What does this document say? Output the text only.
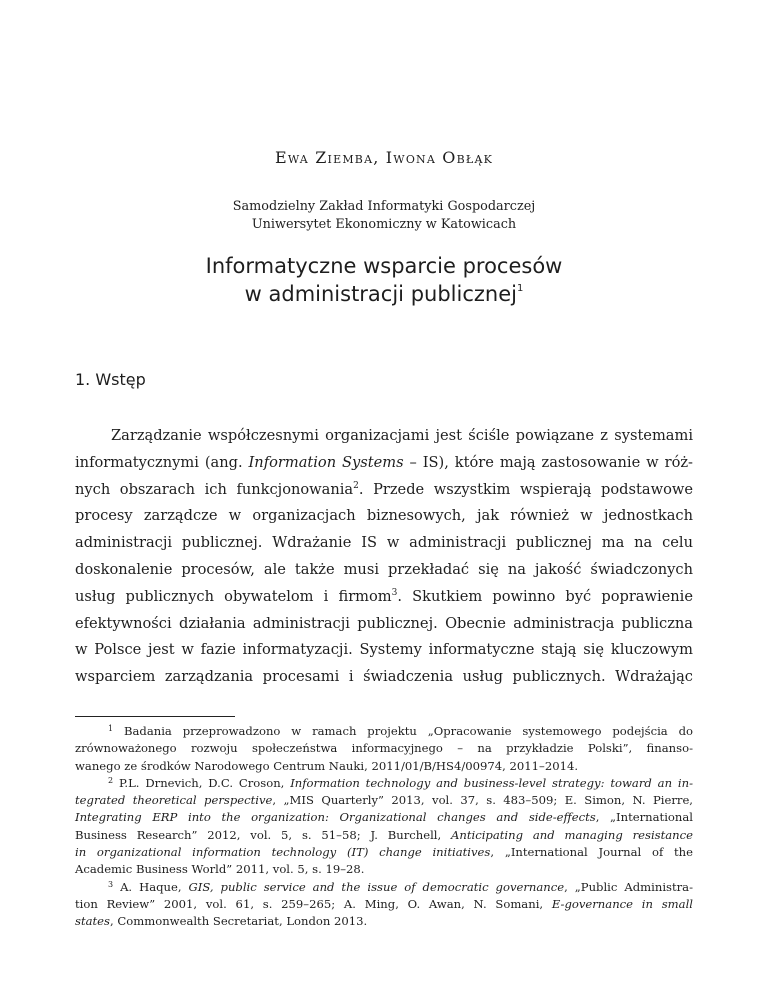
Ewa Ziemba, Iwona Obłąk
Samodzielny Zakład Informatyki Gospodarczej
Uniwersytet Ekonomiczny w Katowicach
Informatyczne wsparcie procesów
w administracji publicznej$^1$
1. Wstęp
Zarządzanie współczesnymi organizacjami jest ściśle powiązane z systemami
informatycznymi (ang. Information Systems – IS), które mają zastosowanie w róż-
nych obszarach ich funkcjonowania$^2$. Przede wszystkim wspierają podstawowe
procesy zarządcze w organizacjach biznesowych, jak również w jednostkach
administracji publicznej. Wdrażanie IS w administracji publicznej ma na celu
doskonalenie procesów, ale także musi przekładać się na jakość świadczonych
usług publicznych obywatelom i firmom$^3$. Skutkiem powinno być poprawienie
efektywności działania administracji publicznej. Obecnie administracja publiczna
w Polsce jest w fazie informatyzacji. Systemy informatyczne stają się kluczowym
wsparciem zarządzania procesami i świadczenia usług publicznych. Wdrażając
$^1$ Badania przeprowadzono w ramach projektu „Opracowanie systemowego podejścia do
zrównoważonego rozwoju społeczeństwa informacyjnego – na przykładzie Polski”, finanso-
wanego ze środków Narodowego Centrum Nauki, 2011/01/B/HS4/00974, 2011–2014.
$^2$ P.L. Drnevich, D.C. Croson, Information technology and business-level strategy: toward an in-
tegrated theoretical perspective, „MIS Quarterly” 2013, vol. 37, s. 483–509; E. Simon, N. Pierre,
Integrating ERP into the organization: Organizational changes and side-effects, „International
Business Research” 2012, vol. 5, s. 51–58; J. Burchell, Anticipating and managing resistance
in organizational information technology (IT) change initiatives, „International Journal of the
Academic Business World” 2011, vol. 5, s. 19–28.
$^3$ A. Haque, GIS, public service and the issue of democratic governance, „Public Administra-
tion Review” 2001, vol. 61, s. 259–265; A. Ming, O. Awan, N. Somani, E-governance in small
states, Commonwealth Secretariat, London 2013.
